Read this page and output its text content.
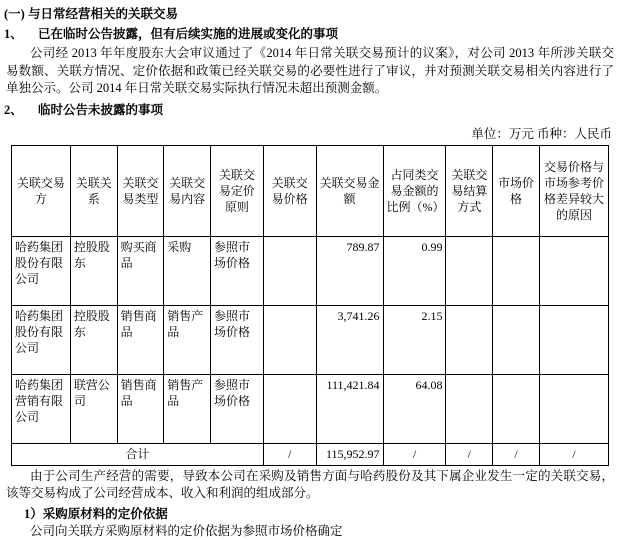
(一) 与日常经营相关的关联交易
1、 已在临时公告披露，但有后续实施的进展或变化的事项
公司经 2013 年年度股东大会审议通过了《2014 年日常关联交易预计的议案》，对公司 2013 年所涉关联交易数额、关联方情况、定价依据和政策已经关联交易的必要性进行了审议，并对预测关联交易相关内容进行了单独公示。公司 2014 年日常关联交易实际执行情况未超出预测金额。
2、 临时公告未披露的事项
单位：万元 币种：人民币
关联交易方	关联关系	关联交易类型	关联交易内容	关联交易定价原则	关联交易价格	关联交易金额	占同类交易金额的比例（%）	关联交易结算方式	市场价格	交易价格与市场参考价格差异较大的原因
哈药集团股份有限公司	控股股东	购买商品	采购	参照市场价格		789.87	0.99			
哈药集团股份有限公司	控股股东	销售商品	销售产品	参照市场价格		3,741.26	2.15			
哈药集团营销有限公司	联营公司	销售商品	销售产品	参照市场价格		111,421.84	64.08			
合计					/	115,952.97	/	/	/	/
由于公司生产经营的需要，导致本公司在采购及销售方面与哈药股份及其下属企业发生一定的关联交易，该等交易构成了公司经营成本、收入和利润的组成部分。
1）采购原材料的定价依据
公司向关联方采购原材料的定价依据为参照市场价格确定
